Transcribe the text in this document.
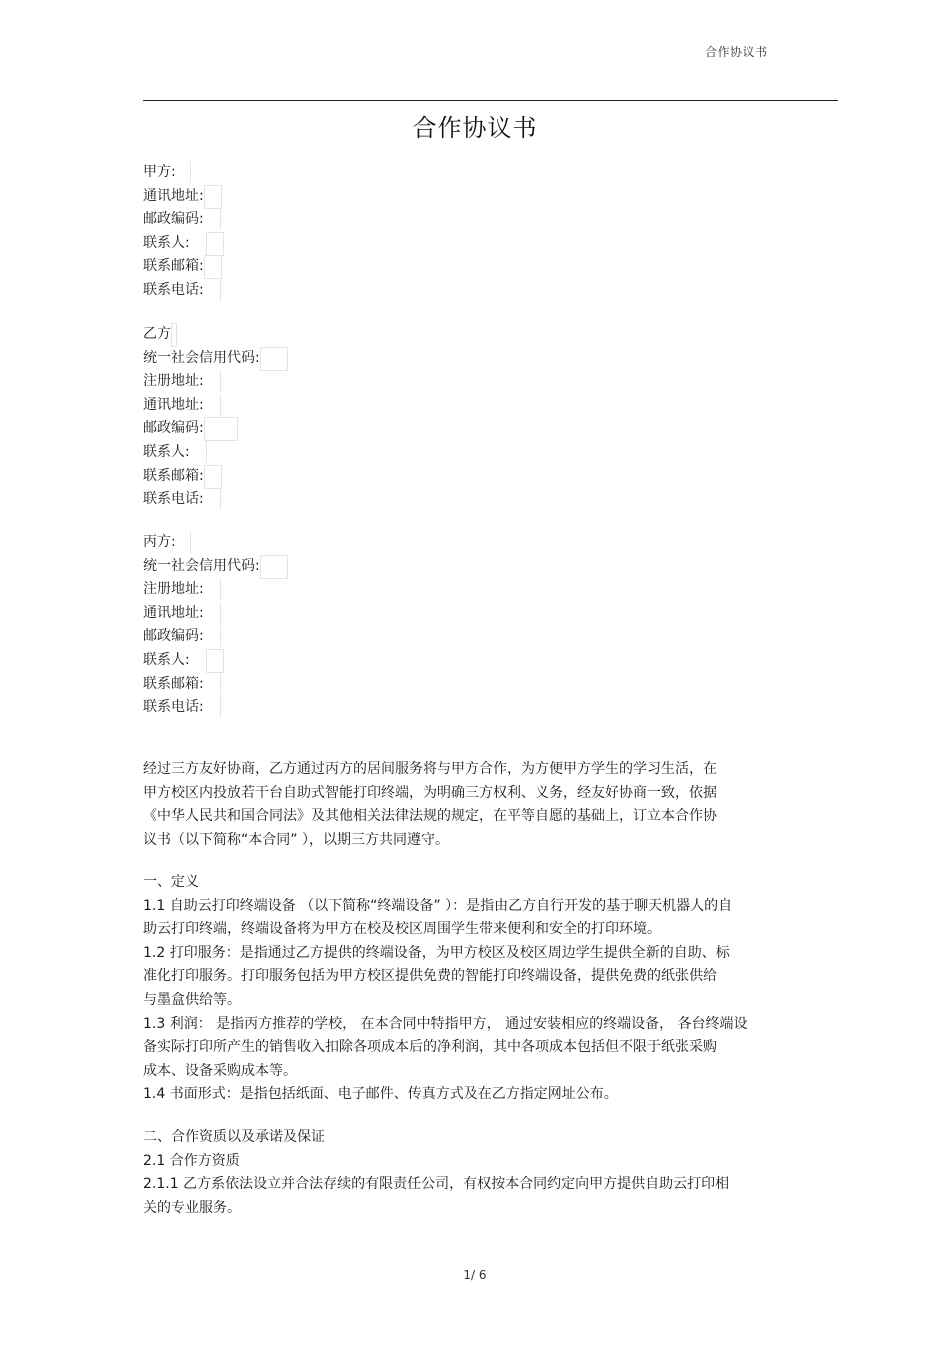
合作协议书
合作协议书
甲方:
通讯地址:
邮政编码:
联系人:
联系邮箱:
联系电话:
乙方
统一社会信用代码:
注册地址:
通讯地址:
邮政编码:
联系人:
联系邮箱:
联系电话:
丙方:
统一社会信用代码:
注册地址:
通讯地址:
邮政编码:
联系人:
联系邮箱:
联系电话:
经过三方友好协商，乙方通过丙方的居间服务将与甲方合作，为方便甲方学生的学习生活，在
甲方校区内投放若干台自助式智能打印终端，为明确三方权利、义务，经友好协商一致，依据
《中华人民共和国合同法》及其他相关法律法规的规定，在平等自愿的基础上，订立本合作协
议书（以下简称“本合同” ），以期三方共同遵守。
一、定义
1.1 自助云打印终端设备 （以下简称“终端设备” ）：是指由乙方自行开发的基于聊天机器人的自
助云打印终端，终端设备将为甲方在校及校区周围学生带来便利和安全的打印环境。
1.2 打印服务：是指通过乙方提供的终端设备，为甲方校区及校区周边学生提供全新的自助、标
准化打印服务。打印服务包括为甲方校区提供免费的智能打印终端设备，提供免费的纸张供给
与墨盒供给等。
1.3 利润： 是指丙方推荐的学校， 在本合同中特指甲方， 通过安装相应的终端设备， 各台终端设
备实际打印所产生的销售收入扣除各项成本后的净利润，其中各项成本包括但不限于纸张采购
成本、设备采购成本等。
1.4 书面形式：是指包括纸面、电子邮件、传真方式及在乙方指定网址公布。
二、合作资质以及承诺及保证
2.1 合作方资质
2.1.1 乙方系依法设立并合法存续的有限责任公司，有权按本合同约定向甲方提供自助云打印相
关的专业服务。
1/ 6
